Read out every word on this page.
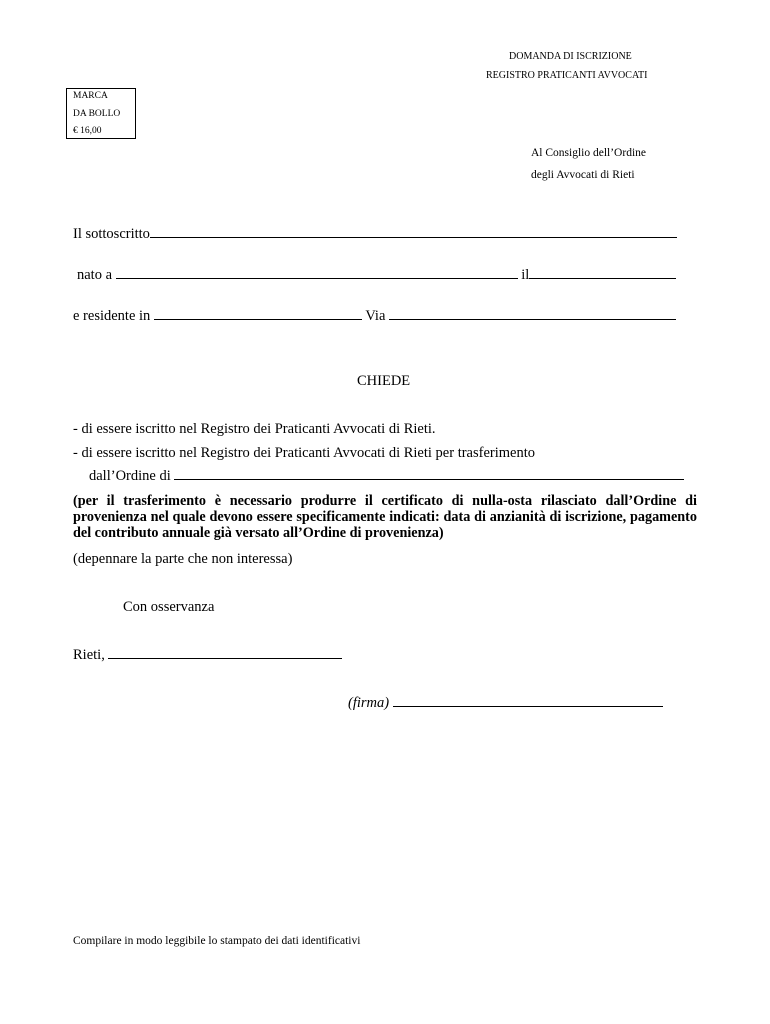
DOMANDA DI ISCRIZIONE
REGISTRO PRATICANTI AVVOCATI
MARCA
DA BOLLO
€ 16,00
Al Consiglio dell’Ordine
degli Avvocati di Rieti
Il sottoscritto
nato a	il
e residente in	Via
CHIEDE
- di essere iscritto nel Registro dei Praticanti Avvocati di Rieti.
- di essere iscritto nel Registro dei Praticanti Avvocati di Rieti per trasferimento
dall’Ordine di
(per il trasferimento è necessario produrre il certificato di nulla-osta rilasciato dall’Ordine di provenienza nel quale devono essere specificamente indicati: data di anzianità di iscrizione, pagamento del contributo annuale già versato all’Ordine di provenienza)
(depennare la parte che non interessa)
Con osservanza
Rieti,
(firma)
Compilare in modo leggibile lo stampato dei dati identificativi
